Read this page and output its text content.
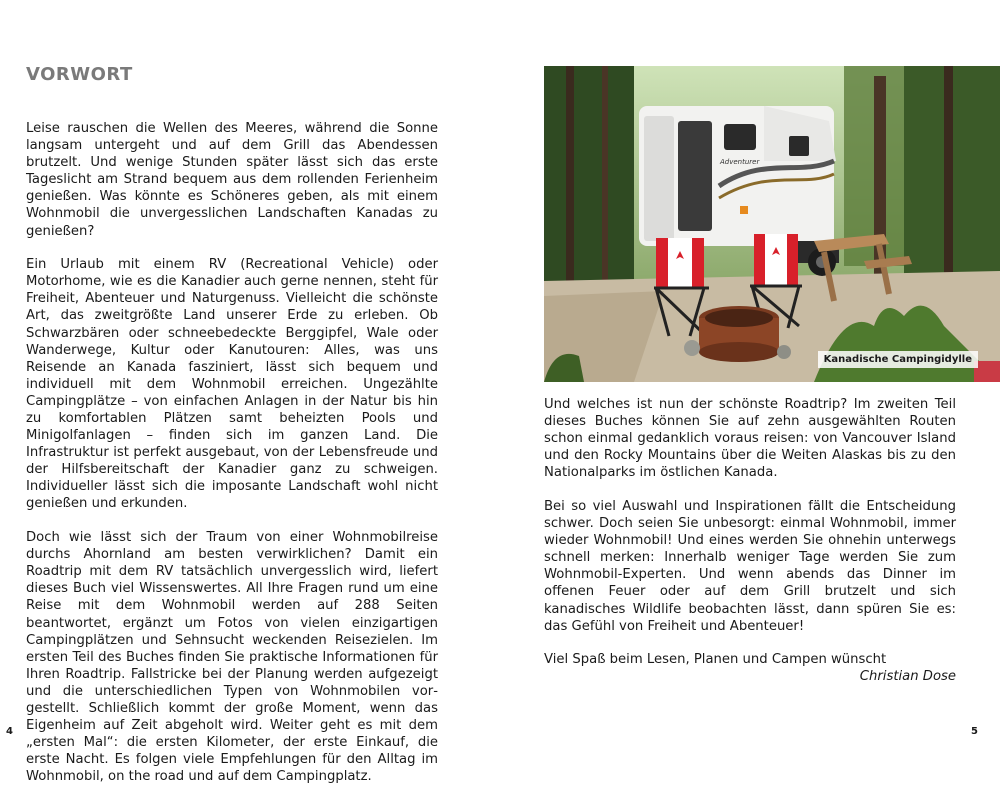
VORWORT

Leise rauschen die Wellen des Meeres, während die Sonne langsam untergeht und auf dem Grill das Abendessen brutzelt. Und wenige Stunden später lässt sich das erste Tageslicht am Strand bequem aus dem rollenden Ferienheim genießen. Was könnte es Schöneres geben, als mit einem Wohnmobil die unvergesslichen Landschaften Kanadas zu genießen?

Ein Urlaub mit einem RV (Recreational Vehicle) oder Motorhome, wie es die Kanadier auch gerne nennen, steht für Freiheit, Abenteuer und Naturgenuss. Vielleicht die schönste Art, das zweitgrößte Land unserer Erde zu erleben. Ob Schwarzbären oder schneebedeckte Berggipfel, Wale oder Wanderwege, Kultur oder Kanutouren: Alles, was uns Reisende an Kanada fasziniert, lässt sich bequem und individuell mit dem Wohnmobil erreichen. Ungezählte Campingplätze – von einfachen Anlagen in der Natur bis hin zu komfortablen Plätzen samt beheizten Pools und Minigolfanlagen – finden sich im ganzen Land. Die Infrastruktur ist perfekt ausgebaut, von der Lebensfreude und der Hilfsbereitschaft der Kanadier ganz zu schweigen. Individueller lässt sich die imposante Landschaft wohl nicht genießen und erkunden.

Doch wie lässt sich der Traum von einer Wohnmobilreise durchs Ahornland am besten verwirklichen? Damit ein Roadtrip mit dem RV tatsächlich unvergesslich wird, liefert dieses Buch viel Wissenswertes. All Ihre Fragen rund um eine Reise mit dem Wohnmobil werden auf 288 Seiten beantwortet, ergänzt um Fotos von vielen einzigartigen Campingplätzen und Sehnsucht weckenden Reisezielen. Im ersten Teil des Buches finden Sie praktische Informationen für Ihren Roadtrip. Fallstricke bei der Planung werden aufgezeigt und die unterschiedlichen Typen von Wohnmobilen vorgestellt. Schließlich kommt der große Moment, wenn das Eigenheim auf Zeit abgeholt wird. Weiter geht es mit dem „ersten Mal“: die ersten Kilometer, der erste Einkauf, die erste Nacht. Es folgen viele Empfehlungen für den Alltag im Wohnmobil, on the road und auf dem Campingplatz.

4
Adventurer
Kanadische Campingidylle

Und welches ist nun der schönste Roadtrip? Im zweiten Teil dieses Buches können Sie auf zehn ausgewählten Routen schon einmal gedanklich voraus reisen: von Vancouver Island und den Rocky Mountains über die Weiten Alaskas bis zu den Nationalparks im östlichen Kanada.

Bei so viel Auswahl und Inspirationen fällt die Entscheidung schwer. Doch seien Sie unbesorgt: einmal Wohnmobil, immer wieder Wohnmobil! Und eines werden Sie ohnehin unterwegs schnell merken: Innerhalb weniger Tage werden Sie zum Wohnmobil-Experten. Und wenn abends das Dinner im offenen Feuer oder auf dem Grill brutzelt und sich kanadisches Wildlife beobachten lässt, dann spüren Sie es: das Gefühl von Freiheit und Abenteuer!

Viel Spaß beim Lesen, Planen und Campen wünscht

Christian Dose

5
